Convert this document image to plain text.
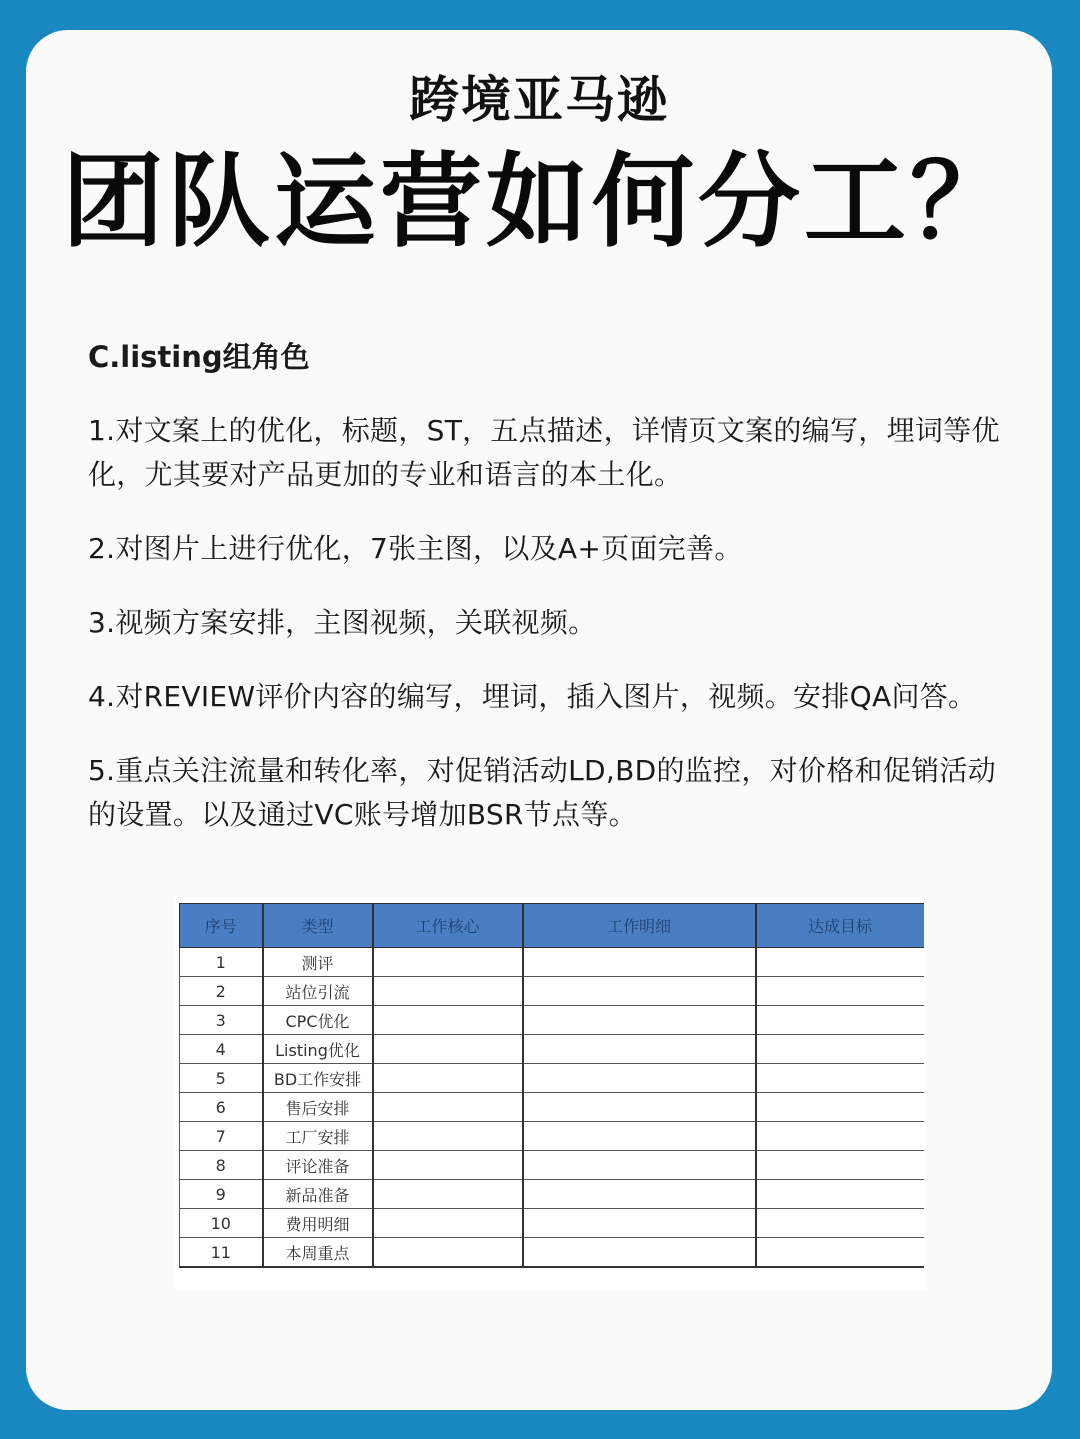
跨境亚马逊
团队运营如何分工？
C.listing组角色
1.对文案上的优化，标题，ST，五点描述，详情页文案的编写，埋词等优化，尤其要对产品更加的专业和语言的本土化。
2.对图片上进行优化，7张主图，以及A+页面完善。
3.视频方案安排，主图视频，关联视频。
4.对REVIEW评价内容的编写，埋词，插入图片，视频。安排QA问答。
5.重点关注流量和转化率，对促销活动LD,BD的监控，对价格和促销活动的设置。以及通过VC账号增加BSR节点等。
序号	类型	工作核心	工作明细	达成目标
1	测评			
2	站位引流			
3	CPC优化			
4	Listing优化			
5	BD工作安排			
6	售后安排			
7	工厂安排			
8	评论准备			
9	新品准备			
10	费用明细			
11	本周重点			
